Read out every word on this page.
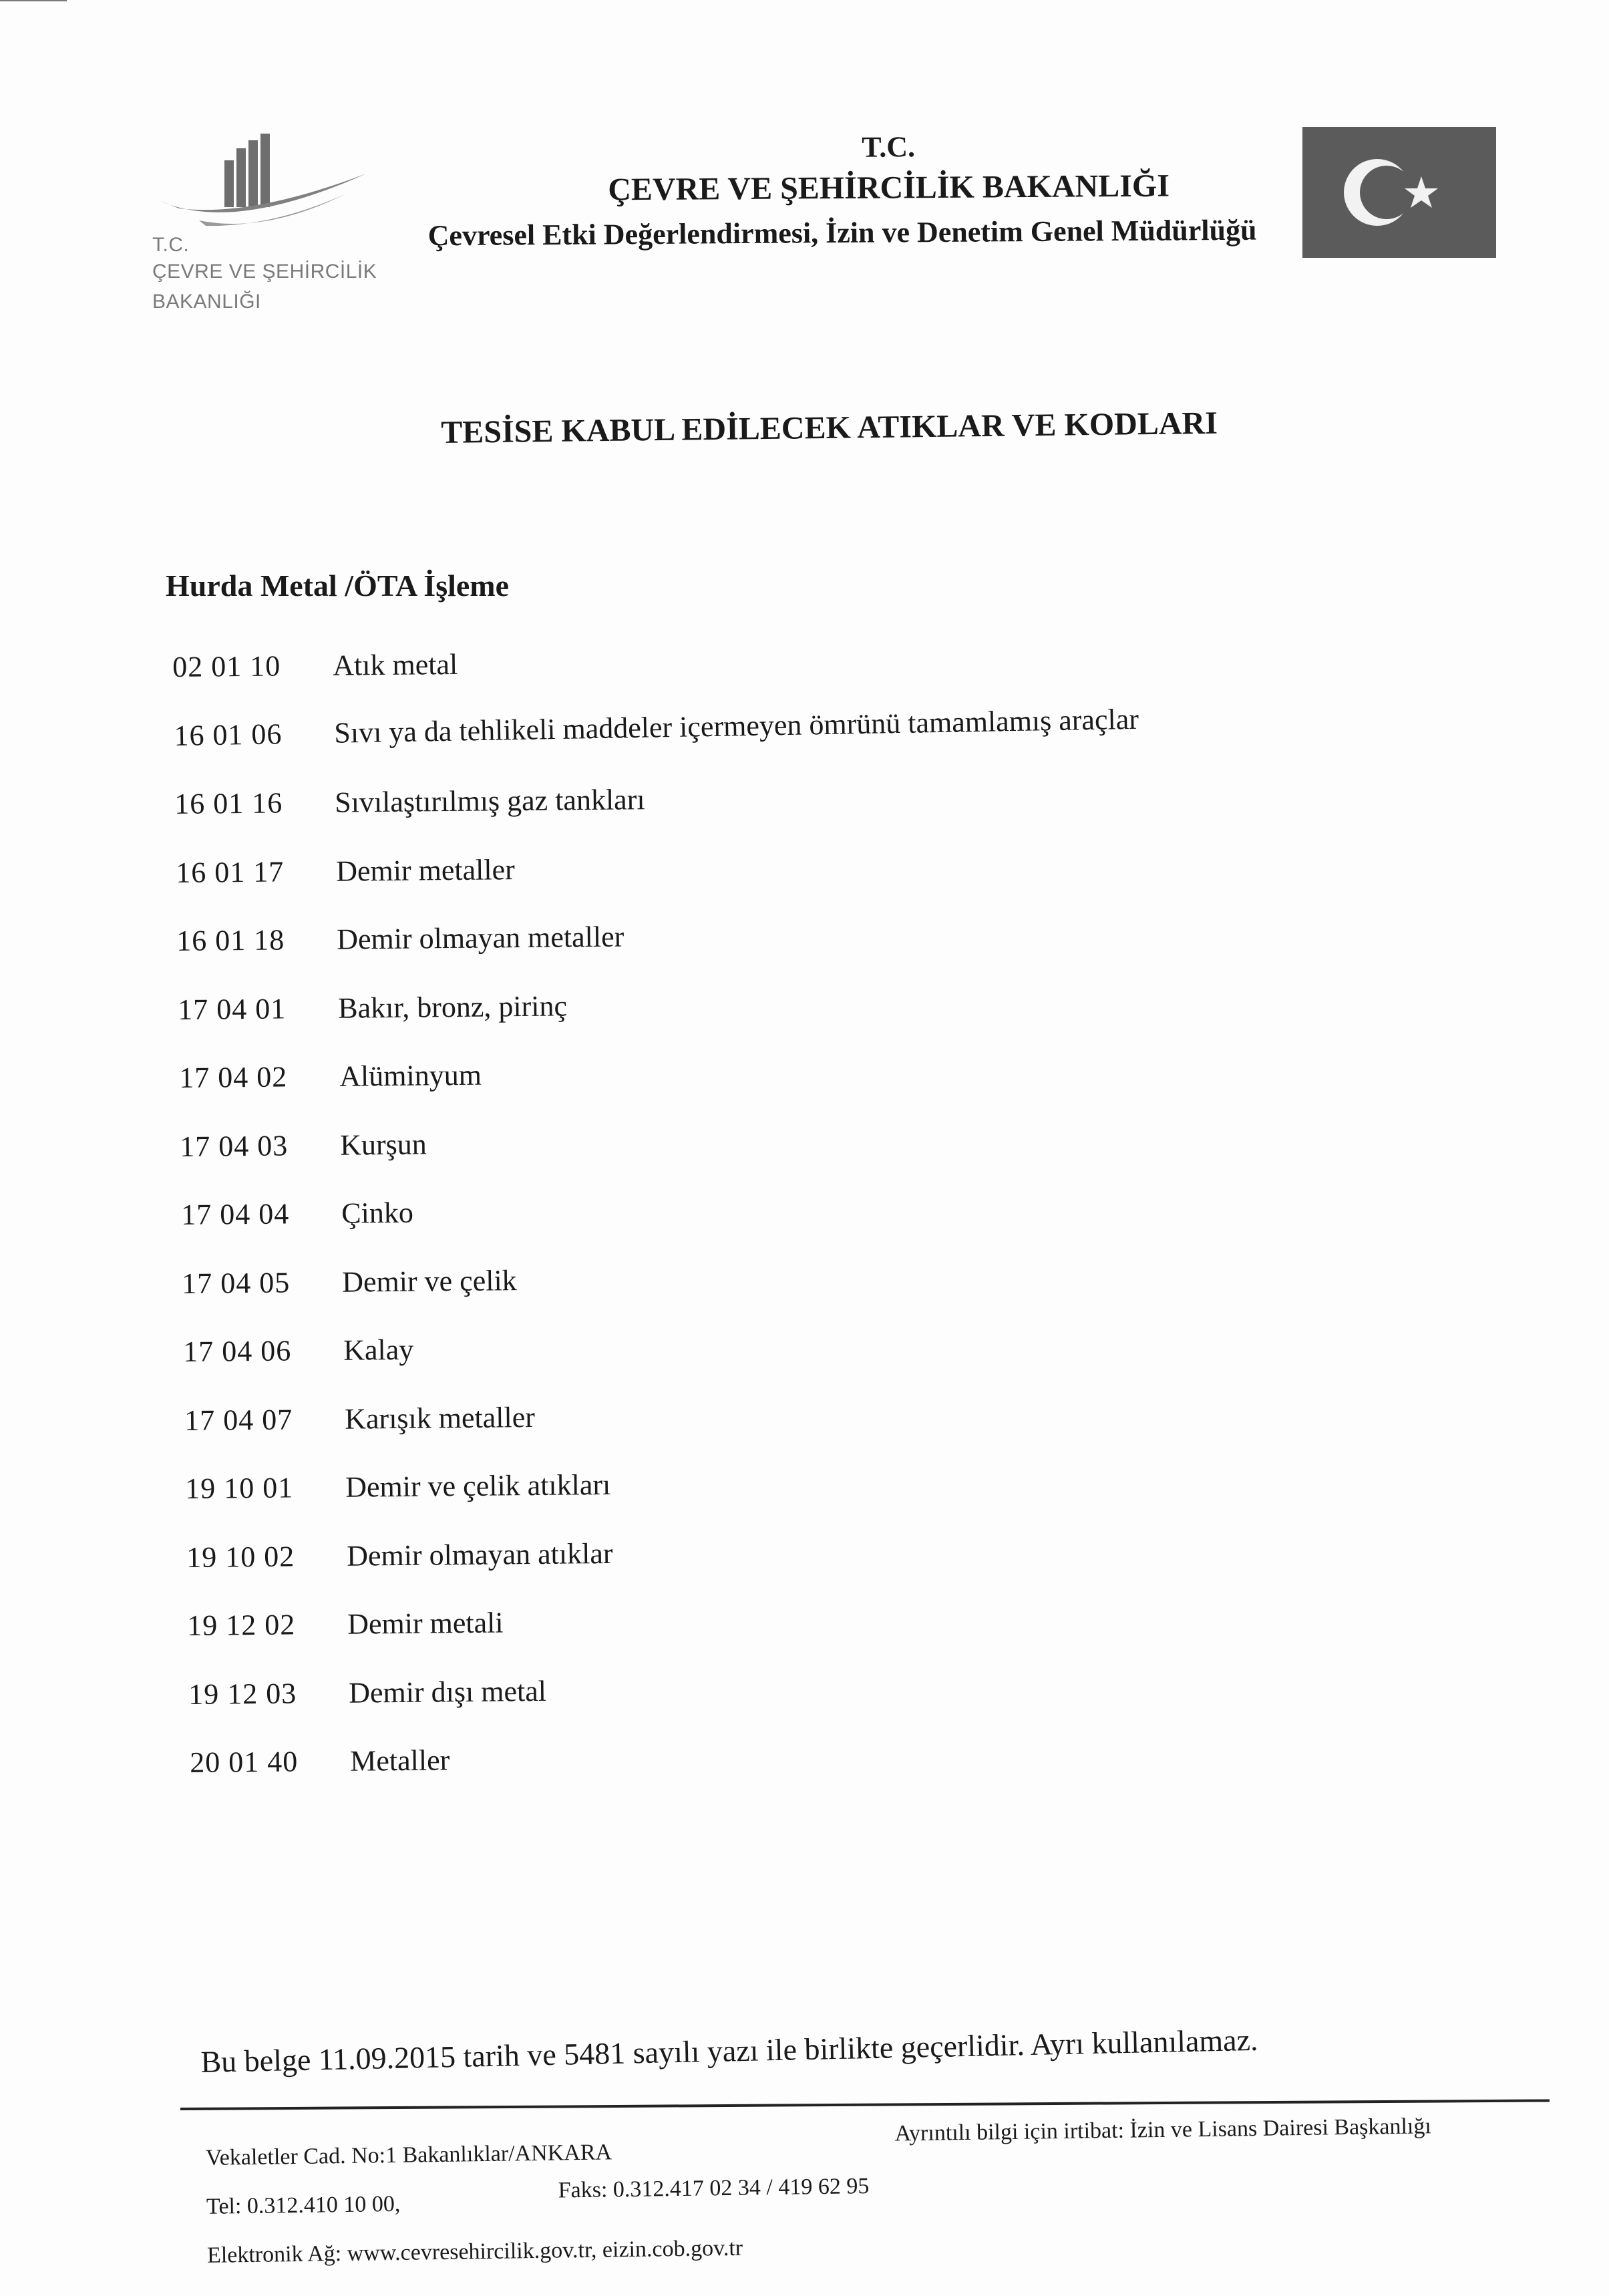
T.C.
ÇEVRE VE ŞEHİRCİLİK
BAKANLIĞI
T.C.
ÇEVRE VE ŞEHİRCİLİK BAKANLIĞI
Çevresel Etki Değerlendirmesi, İzin ve Denetim Genel Müdürlüğü
TESİSE KABUL EDİLECEK ATIKLAR VE KODLARI
Hurda Metal /ÖTA İşleme
02 01 10	Atık metal
16 01 06	Sıvı ya da tehlikeli maddeler içermeyen ömrünü tamamlamış araçlar
16 01 16	Sıvılaştırılmış gaz tankları
16 01 17	Demir metaller
16 01 18	Demir olmayan metaller
17 04 01	Bakır, bronz, pirinç
17 04 02	Alüminyum
17 04 03	Kurşun
17 04 04	Çinko
17 04 05	Demir ve çelik
17 04 06	Kalay
17 04 07	Karışık metaller
19 10 01	Demir ve çelik atıkları
19 10 02	Demir olmayan atıklar
19 12 02	Demir metali
19 12 03	Demir dışı metal
20 01 40	Metaller
Bu belge 11.09.2015 tarih ve 5481 sayılı yazı ile birlikte geçerlidir. Ayrı kullanılamaz.
Vekaletler Cad. No:1 Bakanlıklar/ANKARA
Ayrıntılı bilgi için irtibat: İzin ve Lisans Dairesi Başkanlığı
Tel: 0.312.410 10 00,
Faks: 0.312.417 02 34 / 419 62 95
Elektronik Ağ: www.cevresehircilik.gov.tr, eizin.cob.gov.tr
